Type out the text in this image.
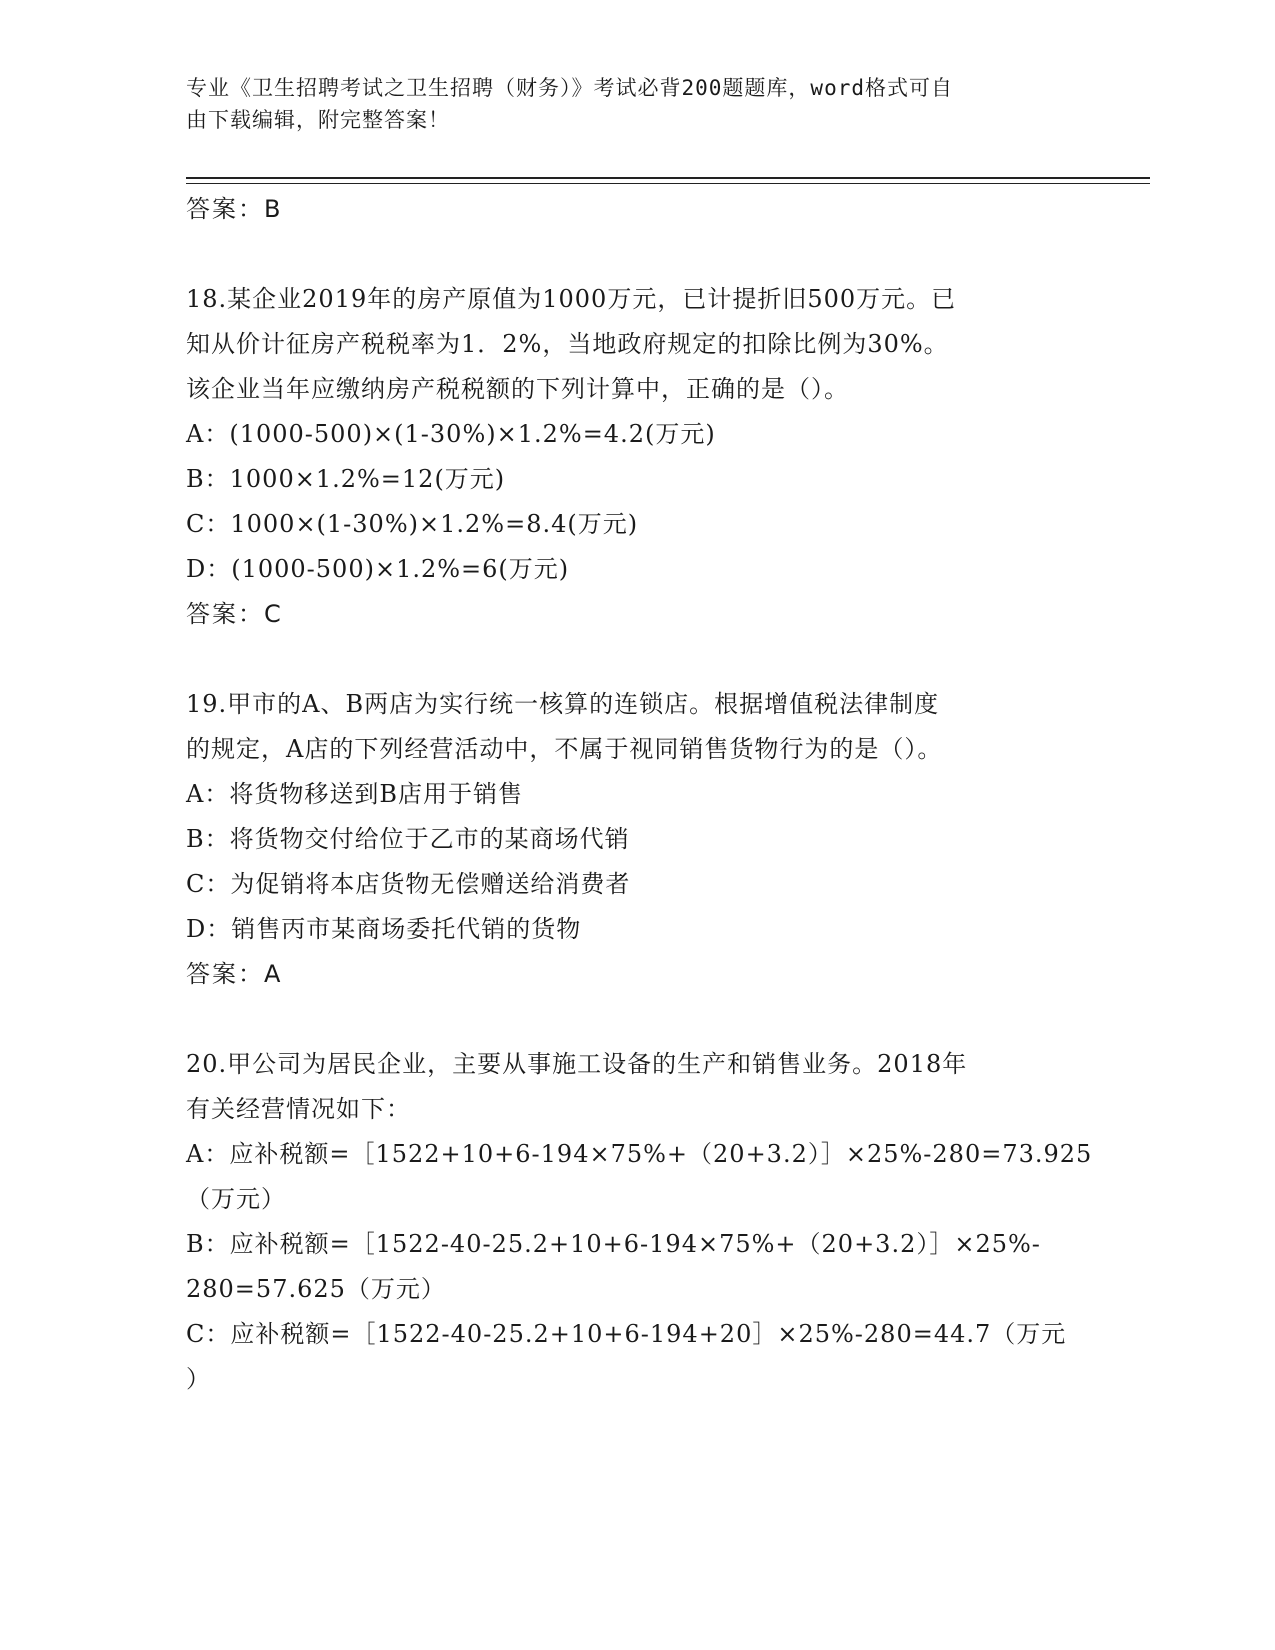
专业《卫生招聘考试之卫生招聘（财务）》考试必背200题题库，word格式可自
由下载编辑，附完整答案！
答案：B
18.某企业2019年的房产原值为1000万元，已计提折旧500万元。已
知从价计征房产税税率为1．2%，当地政府规定的扣除比例为30%。
该企业当年应缴纳房产税税额的下列计算中，正确的是（）。
A：(1000-500)×(1-30%)×1.2%=4.2(万元)
B：1000×1.2%=12(万元)
C：1000×(1-30%)×1.2%=8.4(万元)
D：(1000-500)×1.2%=6(万元)
答案：C
19.甲市的A、B两店为实行统一核算的连锁店。根据增值税法律制度
的规定，A店的下列经营活动中，不属于视同销售货物行为的是（）。
A：将货物移送到B店用于销售
B：将货物交付给位于乙市的某商场代销
C：为促销将本店货物无偿赠送给消费者
D：销售丙市某商场委托代销的货物
答案：A
20.甲公司为居民企业，主要从事施工设备的生产和销售业务。2018年
有关经营情况如下：
A：应补税额=［1522+10+6-194×75%+（20+3.2）］×25%-280=73.925
（万元）
B：应补税额=［1522-40-25.2+10+6-194×75%+（20+3.2）］×25%-
280=57.625（万元）
C：应补税额=［1522-40-25.2+10+6-194+20］×25%-280=44.7（万元
）
